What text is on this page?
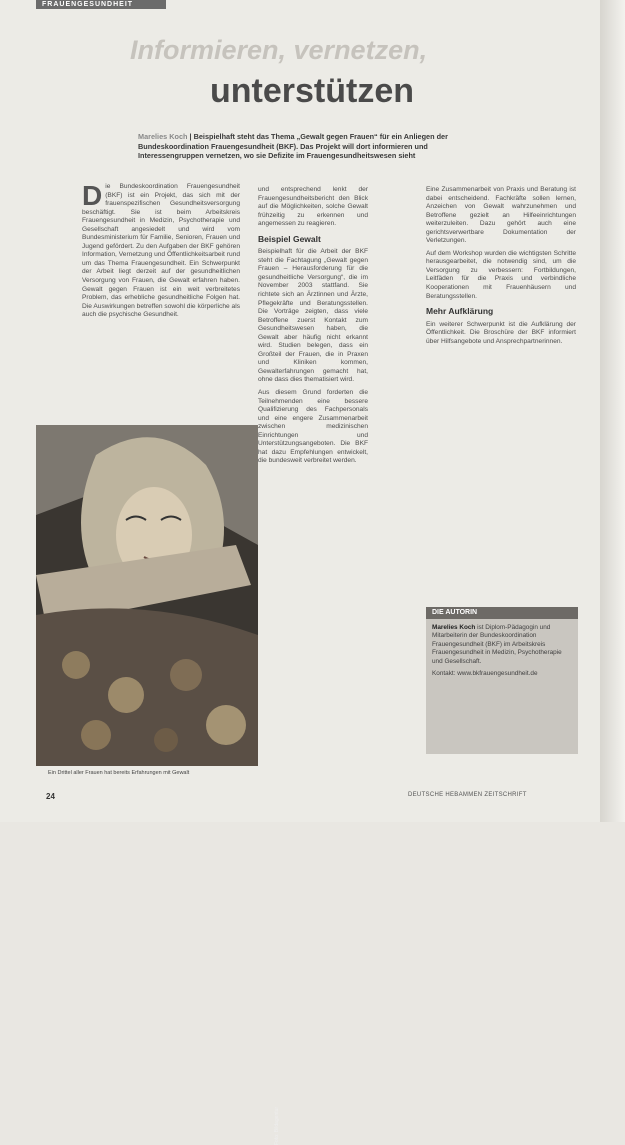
FRAUENGESUNDHEIT
Informieren, vernetzen,
unterstützen
Marelies Koch | Beispielhaft steht das Thema „Gewalt gegen Frauen“ für ein Anliegen der Bundeskoordination Frauengesundheit (BKF). Das Projekt will dort informieren und Interessengruppen vernetzen, wo sie Defizite im Frauengesundheitswesen sieht
D ie Bundeskoordination Frauengesundheit (BKF) ist ein Projekt, das sich mit der frauenspezifischen Gesundheitsversorgung beschäftigt. Sie ist beim Arbeitskreis Frauengesundheit in Medizin, Psychotherapie und Gesellschaft angesiedelt und wird vom Bundesministerium für Familie, Senioren, Frauen und Jugend gefördert. Zu den Aufgaben der BKF gehören Information, Vernetzung und Öffentlichkeitsarbeit rund um das Thema Frauengesundheit. Ein Schwerpunkt der Arbeit liegt derzeit auf der gesundheitlichen Versorgung von Frauen, die Gewalt erfahren haben. Gewalt gegen Frauen ist ein weit verbreitetes Problem, das erhebliche gesundheitliche Folgen hat. Die Auswirkungen betreffen sowohl die körperliche als auch die psychische Gesundheit.
und entsprechend lenkt der Frauengesundheitsbericht den Blick auf die Möglichkeiten, solche Gewalt frühzeitig zu erkennen und angemessen zu reagieren.
Beispiel Gewalt
Beispielhaft für die Arbeit der BKF steht die Fachtagung „Gewalt gegen Frauen – Herausforderung für die gesundheitliche Versorgung“, die im November 2003 stattfand. Sie richtete sich an Ärztinnen und Ärzte, Pflegekräfte und Beratungsstellen. Die Vorträge zeigten, dass viele Betroffene zuerst Kontakt zum Gesundheitswesen haben, die Gewalt aber häufig nicht erkannt wird. Studien belegen, dass ein Großteil der Frauen, die in Praxen und Kliniken kommen, Gewalterfahrungen gemacht hat, ohne dass dies thematisiert wird.
Aus diesem Grund forderten die Teilnehmenden eine bessere Qualifizierung des Fachpersonals und eine engere Zusammenarbeit zwischen medizinischen Einrichtungen und Unterstützungsangeboten. Die BKF hat dazu Empfehlungen entwickelt, die bundesweit verbreitet werden.
Eine Zusammenarbeit von Praxis und Beratung ist dabei entscheidend. Fachkräfte sollen lernen, Anzeichen von Gewalt wahrzunehmen und Betroffene gezielt an Hilfeeinrichtungen weiterzuleiten. Dazu gehört auch eine gerichtsverwertbare Dokumentation der Verletzungen.
Auf dem Workshop wurden die wichtigsten Schritte herausgearbeitet, die notwendig sind, um die Versorgung zu verbessern: Fortbildungen, Leitfäden für die Praxis und verbindliche Kooperationen mit Frauenhäusern und Beratungsstellen.
Mehr Aufklärung
Ein weiterer Schwerpunkt ist die Aufklärung der Öffentlichkeit. Die Broschüre der BKF informiert über Hilfsangebote und Ansprechpartnerinnen.
Foto: Bildagentur
Ein Drittel aller Frauen hat bereits Erfahrungen mit Gewalt
DIE AUTORIN
Marelies Koch ist Diplom-Pädagogin und Mitarbeiterin der Bundeskoordination Frauengesundheit (BKF) im Arbeitskreis Frauengesundheit in Medizin, Psychotherapie und Gesellschaft.
Kontakt: www.bkfrauengesundheit.de
24	DEUTSCHE HEBAMMEN ZEITSCHRIFT
